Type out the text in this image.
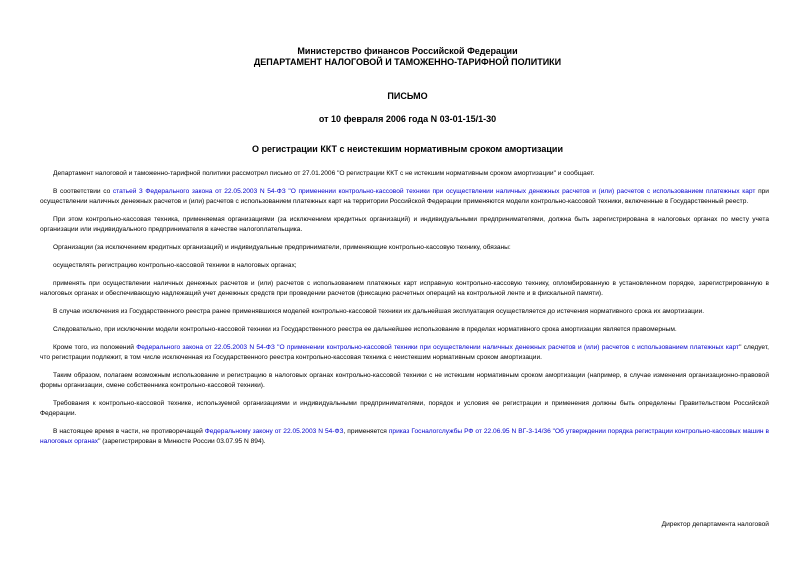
Министерство финансов Российской Федерации
ДЕПАРТАМЕНТ НАЛОГОВОЙ И ТАМОЖЕННО-ТАРИФНОЙ ПОЛИТИКИ
ПИСЬМО
от 10 февраля 2006 года N 03-01-15/1-30
О регистрации ККТ с неистекшим нормативным сроком амортизации

Департамент налоговой и таможенно-тарифной политики рассмотрел письмо от 27.01.2006 "О регистрации ККТ с не истекшим нормативным сроком амортизации" и сообщает.

В соответствии со статьей 3 Федерального закона от 22.05.2003 N 54-ФЗ "О применении контрольно-кассовой техники при осуществлении наличных денежных расчетов и (или) расчетов с использованием платежных карт при осуществлении наличных денежных расчетов и (или) расчетов с использованием платежных карт на территории Российской Федерации применяются модели контрольно-кассовой техники, включенные в Государственный реестр.

При этом контрольно-кассовая техника, применяемая организациями (за исключением кредитных организаций) и индивидуальными предпринимателями, должна быть зарегистрирована в налоговых органах по месту учета организации или индивидуального предпринимателя в качестве налогоплательщика.

Организации (за исключением кредитных организаций) и индивидуальные предприниматели, применяющие контрольно-кассовую технику, обязаны:

осуществлять регистрацию контрольно-кассовой техники в налоговых органах;

применять при осуществлении наличных денежных расчетов и (или) расчетов с использованием платежных карт исправную контрольно-кассовую технику, опломбированную в установленном порядке, зарегистрированную в налоговых органах и обеспечивающую надлежащий учет денежных средств при проведении расчетов (фиксацию расчетных операций на контрольной ленте и в фискальной памяти).

В случае исключения из Государственного реестра ранее применявшихся моделей контрольно-кассовой техники их дальнейшая эксплуатация осуществляется до истечения нормативного срока их амортизации.

Следовательно, при исключении модели контрольно-кассовой техники из Государственного реестра ее дальнейшее использование в пределах нормативного срока амортизации является правомерным.

Кроме того, из положений Федерального закона от 22.05.2003 N 54-ФЗ "О применении контрольно-кассовой техники при осуществлении наличных денежных расчетов и (или) расчетов с использованием платежных карт" следует, что регистрации подлежит, в том числе исключенная из Государственного реестра контрольно-кассовая техника с неистекшим нормативным сроком амортизации.

Таким образом, полагаем возможным использование и регистрацию в налоговых органах контрольно-кассовой техники с не истекшим нормативным сроком амортизации (например, в случае изменения организационно-правовой формы организации, смене собственника контрольно-кассовой техники).

Требования к контрольно-кассовой технике, используемой организациями и индивидуальными предпринимателями, порядок и условия ее регистрации и применения должны быть определены Правительством Российской Федерации.

В настоящее время в части, не противоречащей Федеральному закону от 22.05.2003 N 54-ФЗ, применяется приказ Госналогслужбы РФ от 22.06.95 N ВГ-3-14/36 "Об утверждении порядка регистрации контрольно-кассовых машин в налоговых органах" (зарегистрирован в Минюсте России 03.07.95 N 894).

Директор департамента налоговой
